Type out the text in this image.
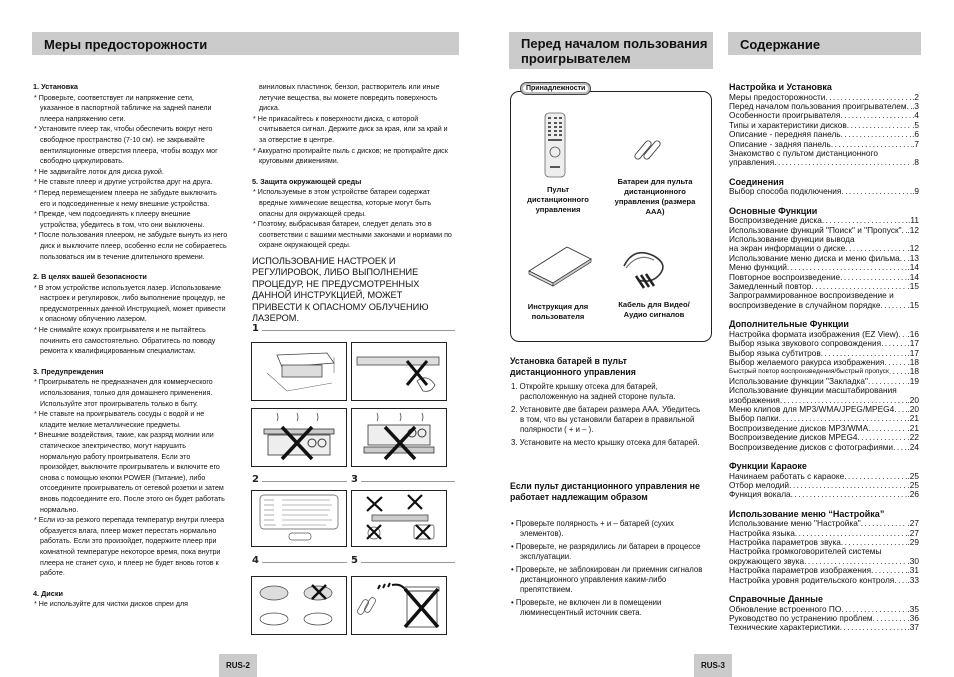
Меры предосторожности
1. Установка
* Проверьте, соответствует ли напряжение сети, указанное в паспортной табличке на задней панели плеера напряжению сети.
* Установите плеер так, чтобы обеспечить вокруг него свободное пространство (7-10 см). не закрывайте вентиляционные отверстия плеера, чтобы воздух мог свободно циркулировать.
* Не задвигайте лоток для диска рукой.
* Не ставьте плеер и другие устройства друг на друга.
* Перед перемещением плеера не забудьте выключить его и подсоединенные к нему внешние устройства.
* Прежде, чем подсоединять к плееру внешние устройства, убедитесь в том, что они выключены.
* После пользования плеером, не забудьте вынуть из него диск и выключите плеер, особенно если не собираетесь пользоваться им в течение длительного времени.
2. В целях вашей безопасности
* В этом устройстве используется лазер. Использование настроек и регулировок, либо выполнение процедур, не предусмотренных данной Инструкцией, может привести к опасному облучению лазером.
* Не снимайте кожух проигрывателя и не пытайтесь починить его самостоятельно. Обратитесь по поводу ремонта к квалифицированным специалистам.
3. Предупреждения
* Проигрыватель не предназначен для коммерческого использования, только для домашнего применения. Используйте этот проигрыватель только в быту.
* Не ставьте на проигрыватель сосуды с водой и не кладите мелкие металлические предметы.
* Внешние воздействия, такие, как разряд молнии или статическое электричество, могут нарушить нормальную работу проигрывателя. Если это произойдет, выключите проигрыватель и включите его снова с помощью кнопки POWER (Питание), либо отсоедините проигрыватель от сетевой розетки и затем вновь подсоедините его. После этого он будет работать нормально.
* Если из-за резкого перепада температур внутри плеера образуется влага, плеер может перестать нормально работать. Если это произойдет, подержите плеер при комнатной температуре некоторое время, пока внутри плеера не станет сухо, и плеер не будет вновь готов к работе.
4. Диски
* Не используйте для чистки дисков спреи для
виниловых пластинок, бензол, растворитель или иные летучие вещества, вы можете повредить поверхность диска.
* Не прикасайтесь к поверхности диска, с которой считывается сигнал. Держите диск за края, или за край и за отверстие в центре.
* Аккуратно протирайте пыль с дисков; не протирайте диск круговыми движениями.
5. Защита окружающей среды
* Используемые в этом устройстве батареи содержат вредные химические вещества, которые могут быть опасны для окружающей среды.
* Поэтому, выбрасывая батареи, следует делать это в соответствии с вашими местными законами и нормами по охране окружающей среды.
ИСПОЛЬЗОВАНИЕ НАСТРОЕК И РЕГУЛИРОВОК, ЛИБО ВЫПОЛНЕНИЕ ПРОЦЕДУР, НЕ ПРЕДУСМОТРЕННЫХ ДАННОЙ ИНСТРУКЦИЕЙ, МОЖЕТ ПРИВЕСТИ К ОПАСНОМУ ОБЛУЧЕНИЮ ЛАЗЕРОМ.
1
2	3
4	5
RUS-2
Перед началом пользования проигрывателем
Принадлежности
Пульт дистанционного управления
Батареи для пульта дистанционного управления (размера ААА)
Инструкция для пользователя
Кабель для Видео/Аудио сигналов
Установка батарей в пульт дистанционного управления
1. Откройте крышку отсека для батарей, расположенную на задней стороне пульта.
2. Установите две батареи размера ААА. Убедитесь в том, что вы установили батареи в правильной полярности ( + и – ).
3. Установите на место крышку отсека для батарей.
Если пульт дистанционного управления не работает надлежащим образом
• Проверьте полярность + и – батарей (сухих элементов).
• Проверьте, не разрядились ли батареи в процессе эксплуатации.
• Проверьте, не заблокирован ли приемник сигналов дистанционного управления каким-либо препятствием.
• Проверьте, не включен ли в помещении люминесцентный источник света.
Содержание
Настройка и Установка
Меры предосторожности .....	.2
Перед началом пользования проигрывателем ..... .3
Особенности проигрывателя .....	.4
Типы и характеристики дисков .....	.5
Описание - передняя панель .....	.6
Описание - задняя панель .....	.7
Знакомство с пультом дистанционного
управления .....	.8
Соединения
Выбор способа подключения .....	.9
Основные Функции
Воспроизведение диска .....	.11
Использование функций "Поиск" и "Пропуск" ..... .12
Использование функции вывода
на экран информации о диске .....	.12
Использование меню диска и меню фильма ..... .13
Меню функций .....	.14
Повторное воспроизведение .....	.14
Замедленный повтор .....	.15
Запрограммированное воспроизведение и
воспроизведение в случайном порядке .....	.15
Дополнительные Функции
Настройка формата изображения (EZ View) ..... .16
Выбор языка звукового сопровождения .....	.17
Выбор языка субтитров .....	.17
Выбор желаемого ракурса изображения .....	.18
Быстрый повтор воспроизведения/быстрый пропуск ..... .18
Использование функции "Закладка" .....	.19
Использование функции масштабирования
изображения .....	.20
Меню клипов для MP3/WMA/JPEG/MPEG4 ..... .20
Выбор папки .....	.21
Воспроизведение дисков MP3/WMA .....	.21
Воспроизведение дисков MPEG4 .....	.22
Воспроизведение дисков с фотографиями ..... .24
Функции Караоке
Начинаем работать с караоке .....	.25
Отбор мелодий .....	.25
Функция вокала .....	.26
Использование меню “Настройка”
Использование меню "Настройка" .....	.27
Настройка языка .....	.27
Настройка параметров звука .....	.29
Настройка громкоговорителей системы
окружающего звука .....	.30
Настройка параметров изображения .....	.31
Настройка уровня родительского контроля ..... .33
Справочные Данные
Обновление встроенного ПО .....	.35
Руководство по устранению проблем .....	.36
Технические характеристики .....	.37
RUS-3
